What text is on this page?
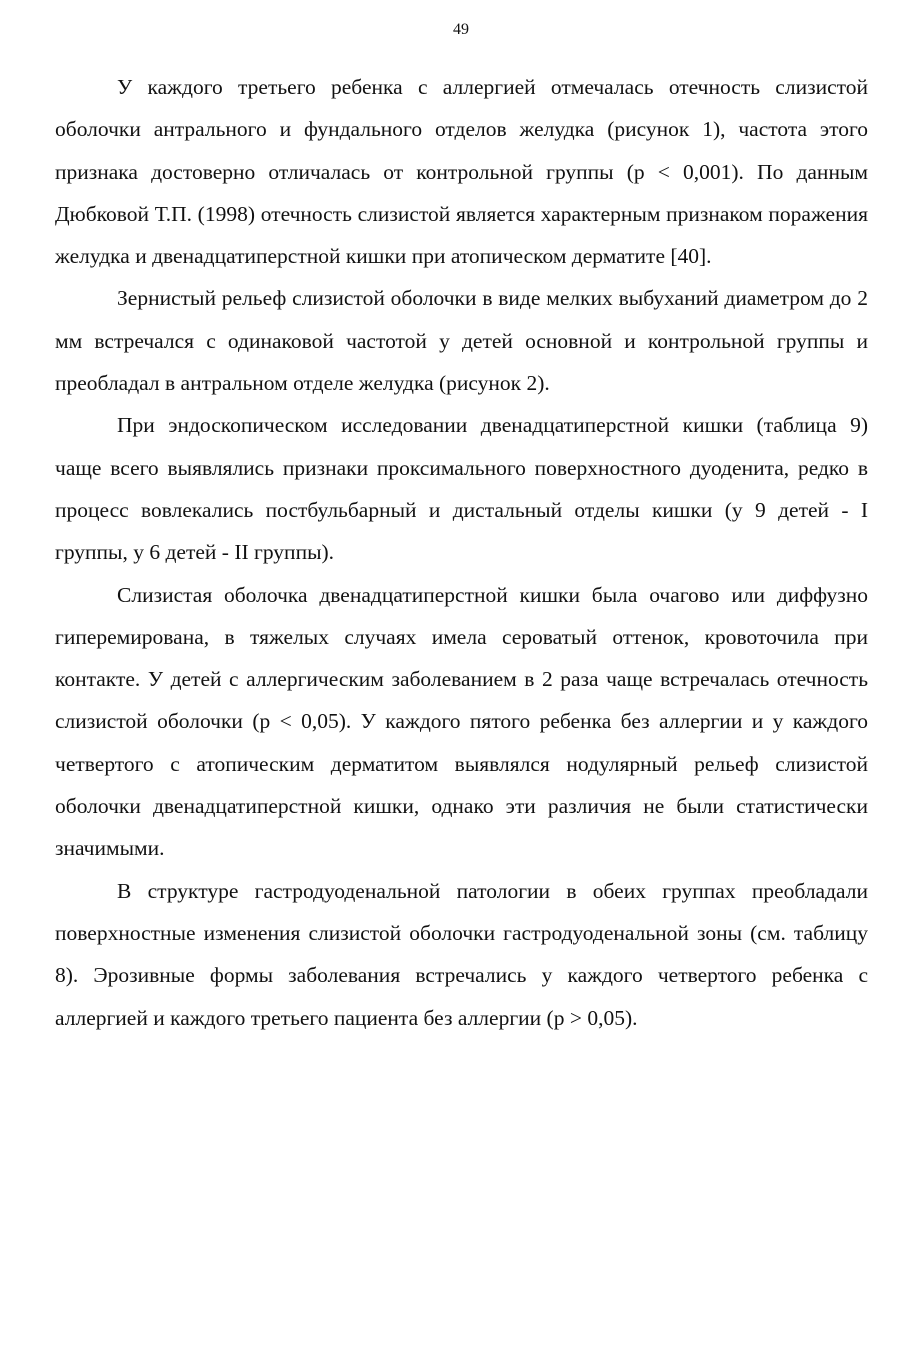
49

У каждого третьего ребенка с аллергией отмечалась отечность слизистой оболочки антрального и фундального отделов желудка (рисунок 1), частота этого признака достоверно отличалась от контрольной группы (р < 0,001). По данным Дюбковой Т.П. (1998) отечность слизистой является характерным признаком поражения желудка и двенадцатиперстной кишки при атопическом дерматите [40].

Зернистый рельеф слизистой оболочки в виде мелких выбуханий диаметром до 2 мм встречался с одинаковой частотой у детей основной и контрольной группы и преобладал в антральном отделе желудка (рисунок 2).

При эндоскопическом исследовании двенадцатиперстной кишки (таблица 9) чаще всего выявлялись признаки проксимального поверхностного дуоденита, редко в процесс вовлекались постбульбарный и дистальный отделы кишки (у 9 детей - I группы, у 6 детей - II группы).

Слизистая оболочка двенадцатиперстной кишки была очагово или диффузно гиперемирована, в тяжелых случаях имела сероватый оттенок, кровоточила при контакте. У детей с аллергическим заболеванием в 2 раза чаще встречалась отечность слизистой оболочки (р < 0,05). У каждого пятого ребенка без аллергии и у каждого четвертого с атопическим дерматитом выявлялся нодулярный рельеф слизистой оболочки двенадцатиперстной кишки, однако эти различия не были статистически значимыми.

В структуре гастродуоденальной патологии в обеих группах преобладали поверхностные изменения слизистой оболочки гастродуоденальной зоны (см. таблицу 8). Эрозивные формы заболевания встречались у каждого четвертого ребенка с аллергией и каждого третьего пациента без аллергии (р > 0,05).
